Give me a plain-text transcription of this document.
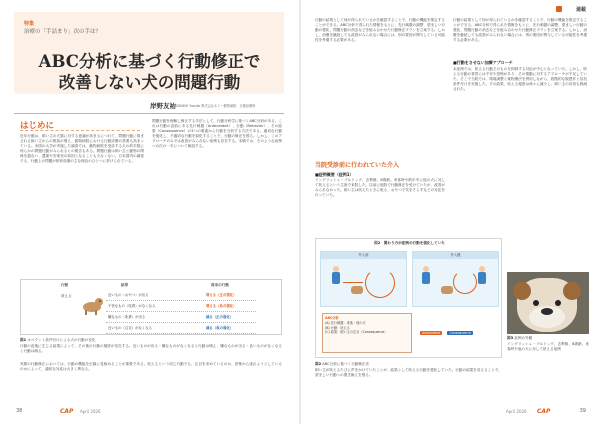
特集
治療の「手詰まり」次の手は？
ABC分析に基づく行動修正で
改善しない犬の問題行動
岸野友祐 KISHINO Yusuke 株式会社ネミー動物病院　行動診療科
はじめに
近年行動は、飼い主の犬猫に対する意識が高まるにつれて、問題行動に悩まされる飼い主からの相談が増え、動物病院における行動診療の需要も高まっている。米国の大学が実施した調査では、動物病院を受診する犬の約半数に何らかの問題行動がみられるとの報告もある。問題行動は飼い主と動物の関係を損ない、遺棄や安楽死の原因となることも少なくない。日本国内の調査でも、行動上の問題が飼育放棄の主な理由のひとつに挙げられている。
問題行動を理解し修正する手法として、行動分析学に基づくABC分析がある。これは行動の直前にある先行刺激（Antecedent）、行動（Behavior）、その結果（Consequence）の3つの要素から行動を分析する方法である。適切な行動を強化し、不適切な行動を弱化することで、行動の修正を図る。しかし、このアプローチのみでは改善がみられない症例も存在する。本稿では、そのような症例への次の一手について解説する。
行動	結果	将来の行動
吠える	良いもの（おやつ）が出る	増える（正の強化）
不快なもの（叱責）がなくなる	増える（負の強化）
嫌なもの（叱責）が出る	減る（正の弱化）
良いもの（注目）がなくなる	減る（負の弱化）
図1 オペラント条件付けによる犬の行動の変化
行動の直後に生じる結果によって、その後の行動の頻度が変化する。良いものが出る・嫌なものがなくなると行動は増え、嫌なものが出る・良いものがなくなると行動は減る。
実際の行動修正においては、行動の機能を正確に見極めることが重要である。吠えるという同じ行動でも、注目を求めているのか、恐怖から逃れようとしているのかによって、適切な対応は大きく異なる。
38	CAP April 2026
連載
行動の結果として何が得られているかを確認することで、行動の機能を推定することができる。ABC分析で得られた情報をもとに、先行刺激の調整、望ましい行動の強化、問題行動の消去などを組み合わせた行動修正プランを立案する。しかし、治療を継続しても改善がみられない場合には、別の要因が関与している可能性を考慮する必要がある。
当院受診前に行われていた介入
■症例概要（症例1）
イングリッシュ・ブルドッグ、去勢雄、8歳齢。来客時や散歩中に他の犬に対して吠えるという主訴で来院した。以前に他院で行動修正を受けていたが、改善がみられなかった。飼い主は吠えたときに叱る、おやつで気をそらすなどの対応を行っていた。
■行動をさせない加療アプローチ
行動の結果として何が得られているかを確認することで、行動の機能を推定することができる。ABC分析で得られた情報をもとに、先行刺激の調整、望ましい行動の強化、問題行動の消去などを組み合わせた行動修正プランを立案する。しかし、治療を継続しても改善がみられない場合には、別の要因が関与している可能性を考慮する必要がある。
本症例では、吠える行動そのものを抑制する対応が中心となっていた。しかし、吠える行動の背景には不安や恐怖があり、その情動に対するアプローチが不足していた。そこで当院では、環境調整と薬物療法を併用しながら、段階的な脱感作と拮抗条件付けを実施した。その結果、吠える頻度は徐々に減少し、飼い主の負担も軽減された。
図2　関わり方が症例の行動を強化していた
介入前	介入後
ABC分析
(A) 先行刺激：来客・他の犬
(B) 行動：吠える
(C) 結果：飼い主の注目（Consequence）	Antecedent	Consequence
図2 ABC分析に基づく行動修正法
飼い主が吠えるたびに声をかけていたことが、結果として吠える行動を強化していた。行動の結果を変えることで、望ましい行動への置き換えを図る。
図3 症例の外観
イングリッシュ・ブルドッグ、去勢雄、8歳齢。来客時や他の犬に対して吠える症例
April 2026 CAP	39
